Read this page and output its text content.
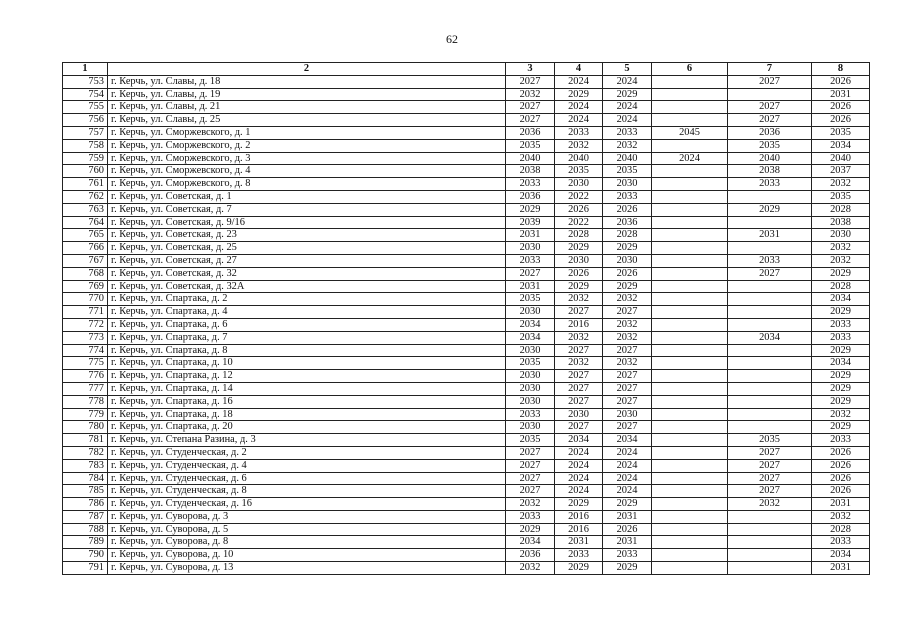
62
1	2	3	4	5	6	7	8
753	г. Керчь, ул. Славы, д. 18	2027	2024	2024		2027	2026
754	г. Керчь, ул. Славы, д. 19	2032	2029	2029			2031
755	г. Керчь, ул. Славы, д. 21	2027	2024	2024		2027	2026
756	г. Керчь, ул. Славы, д. 25	2027	2024	2024		2027	2026
757	г. Керчь, ул. Сморжевского, д. 1	2036	2033	2033	2045	2036	2035
758	г. Керчь, ул. Сморжевского, д. 2	2035	2032	2032		2035	2034
759	г. Керчь, ул. Сморжевского, д. 3	2040	2040	2040	2024	2040	2040
760	г. Керчь, ул. Сморжевского, д. 4	2038	2035	2035		2038	2037
761	г. Керчь, ул. Сморжевского, д. 8	2033	2030	2030		2033	2032
762	г. Керчь, ул. Советская, д. 1	2036	2022	2033			2035
763	г. Керчь, ул. Советская, д. 7	2029	2026	2026		2029	2028
764	г. Керчь, ул. Советская, д. 9/16	2039	2022	2036			2038
765	г. Керчь, ул. Советская, д. 23	2031	2028	2028		2031	2030
766	г. Керчь, ул. Советская, д. 25	2030	2029	2029			2032
767	г. Керчь, ул. Советская, д. 27	2033	2030	2030		2033	2032
768	г. Керчь, ул. Советская, д. 32	2027	2026	2026		2027	2029
769	г. Керчь, ул. Советская, д. 32А	2031	2029	2029			2028
770	г. Керчь, ул. Спартака, д. 2	2035	2032	2032			2034
771	г. Керчь, ул. Спартака, д. 4	2030	2027	2027			2029
772	г. Керчь, ул. Спартака, д. 6	2034	2016	2032			2033
773	г. Керчь, ул. Спартака, д. 7	2034	2032	2032		2034	2033
774	г. Керчь, ул. Спартака, д. 8	2030	2027	2027			2029
775	г. Керчь, ул. Спартака, д. 10	2035	2032	2032			2034
776	г. Керчь, ул. Спартака, д. 12	2030	2027	2027			2029
777	г. Керчь, ул. Спартака, д. 14	2030	2027	2027			2029
778	г. Керчь, ул. Спартака, д. 16	2030	2027	2027			2029
779	г. Керчь, ул. Спартака, д. 18	2033	2030	2030			2032
780	г. Керчь, ул. Спартака, д. 20	2030	2027	2027			2029
781	г. Керчь, ул. Степана Разина, д. 3	2035	2034	2034		2035	2033
782	г. Керчь, ул. Студенческая, д. 2	2027	2024	2024		2027	2026
783	г. Керчь, ул. Студенческая, д. 4	2027	2024	2024		2027	2026
784	г. Керчь, ул. Студенческая, д. 6	2027	2024	2024		2027	2026
785	г. Керчь, ул. Студенческая, д. 8	2027	2024	2024		2027	2026
786	г. Керчь, ул. Студенческая, д. 16	2032	2029	2029		2032	2031
787	г. Керчь, ул. Суворова, д. 3	2033	2016	2031			2032
788	г. Керчь, ул. Суворова, д. 5	2029	2016	2026			2028
789	г. Керчь, ул. Суворова, д. 8	2034	2031	2031			2033
790	г. Керчь, ул. Суворова, д. 10	2036	2033	2033			2034
791	г. Керчь, ул. Суворова, д. 13	2032	2029	2029			2031
